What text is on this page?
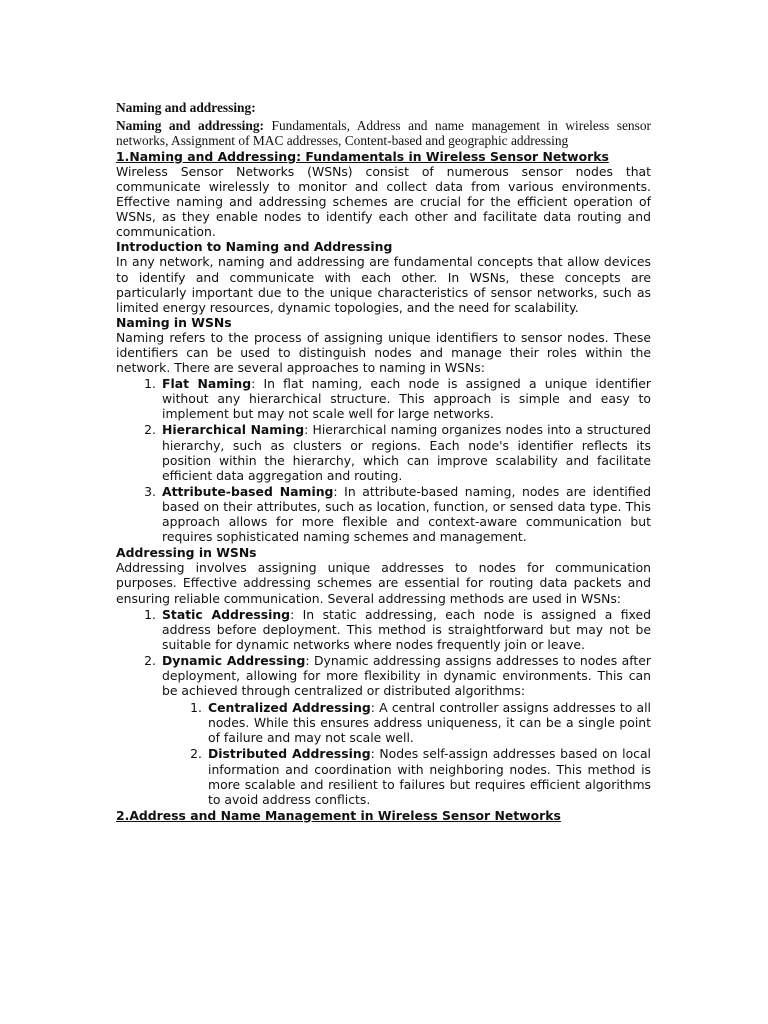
Naming and addressing:

Naming and addressing: Fundamentals, Address and name management in wireless sensor networks, Assignment of MAC addresses, Content-based and geographic addressing

1.Naming and Addressing: Fundamentals in Wireless Sensor Networks

Wireless Sensor Networks (WSNs) consist of numerous sensor nodes that communicate wirelessly to monitor and collect data from various environments. Effective naming and addressing schemes are crucial for the efficient operation of WSNs, as they enable nodes to identify each other and facilitate data routing and communication.

Introduction to Naming and Addressing

In any network, naming and addressing are fundamental concepts that allow devices to identify and communicate with each other. In WSNs, these concepts are particularly important due to the unique characteristics of sensor networks, such as limited energy resources, dynamic topologies, and the need for scalability.

Naming in WSNs

Naming refers to the process of assigning unique identifiers to sensor nodes. These identifiers can be used to distinguish nodes and manage their roles within the network. There are several approaches to naming in WSNs:

1. Flat Naming: In flat naming, each node is assigned a unique identifier without any hierarchical structure. This approach is simple and easy to implement but may not scale well for large networks.
2. Hierarchical Naming: Hierarchical naming organizes nodes into a structured hierarchy, such as clusters or regions. Each node's identifier reflects its position within the hierarchy, which can improve scalability and facilitate efficient data aggregation and routing.
3. Attribute-based Naming: In attribute-based naming, nodes are identified based on their attributes, such as location, function, or sensed data type. This approach allows for more flexible and context-aware communication but requires sophisticated naming schemes and management.
Addressing in WSNs

Addressing involves assigning unique addresses to nodes for communication purposes. Effective addressing schemes are essential for routing data packets and ensuring reliable communication. Several addressing methods are used in WSNs:

1. Static Addressing: In static addressing, each node is assigned a fixed address before deployment. This method is straightforward but may not be suitable for dynamic networks where nodes frequently join or leave.
2. Dynamic Addressing: Dynamic addressing assigns addresses to nodes after deployment, allowing for more flexibility in dynamic environments. This can be achieved through centralized or distributed algorithms:
1. Centralized Addressing: A central controller assigns addresses to all nodes. While this ensures address uniqueness, it can be a single point of failure and may not scale well.
2. Distributed Addressing: Nodes self-assign addresses based on local information and coordination with neighboring nodes. This method is more scalable and resilient to failures but requires efficient algorithms to avoid address conflicts.
2.Address and Name Management in Wireless Sensor Networks
